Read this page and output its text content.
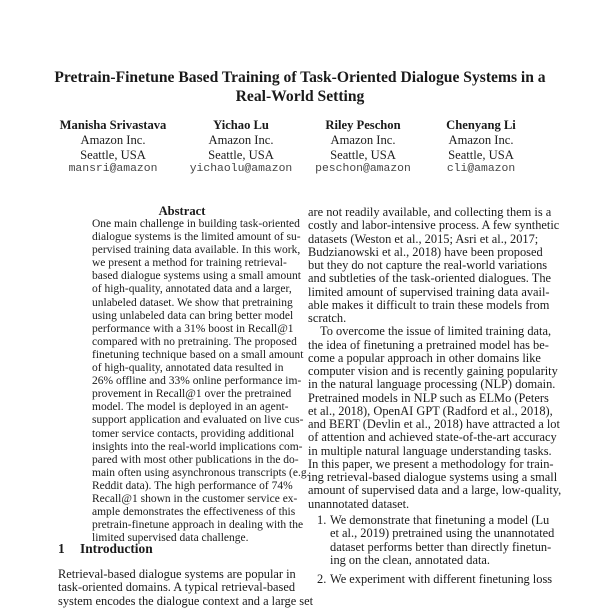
Pretrain-Finetune Based Training of Task-Oriented Dialogue Systems in a
Real-World Setting
Manisha Srivastava
Amazon Inc.
Seattle, USA
mansri@amazon
Yichao Lu
Amazon Inc.
Seattle, USA
yichaolu@amazon
Riley Peschon
Amazon Inc.
Seattle, USA
peschon@amazon
Chenyang Li
Amazon Inc.
Seattle, USA
cli@amazon
Abstract
One main challenge in building task-oriented
dialogue systems is the limited amount of su-
pervised training data available. In this work,
we present a method for training retrieval-
based dialogue systems using a small amount
of high-quality, annotated data and a larger,
unlabeled dataset. We show that pretraining
using unlabeled data can bring better model
performance with a 31% boost in Recall@1
compared with no pretraining. The proposed
finetuning technique based on a small amount
of high-quality, annotated data resulted in
26% offline and 33% online performance im-
provement in Recall@1 over the pretrained
model. The model is deployed in an agent-
support application and evaluated on live cus-
tomer service contacts, providing additional
insights into the real-world implications com-
pared with most other publications in the do-
main often using asynchronous transcripts (e.g.
Reddit data). The high performance of 74%
Recall@1 shown in the customer service ex-
ample demonstrates the effectiveness of this
pretrain-finetune approach in dealing with the
limited supervised data challenge.
1 Introduction
Retrieval-based dialogue systems are popular in
task-oriented domains. A typical retrieval-based
system encodes the dialogue context and a large set
are not readily available, and collecting them is a
costly and labor-intensive process. A few synthetic
datasets (Weston et al., 2015; Asri et al., 2017;
Budzianowski et al., 2018) have been proposed
but they do not capture the real-world variations
and subtleties of the task-oriented dialogues. The
limited amount of supervised training data avail-
able makes it difficult to train these models from
scratch.
To overcome the issue of limited training data,
the idea of finetuning a pretrained model has be-
come a popular approach in other domains like
computer vision and is recently gaining popularity
in the natural language processing (NLP) domain.
Pretrained models in NLP such as ELMo (Peters
et al., 2018), OpenAI GPT (Radford et al., 2018),
and BERT (Devlin et al., 2018) have attracted a lot
of attention and achieved state-of-the-art accuracy
in multiple natural language understanding tasks.
In this paper, we present a methodology for train-
ing retrieval-based dialogue systems using a small
amount of supervised data and a large, low-quality,
unannotated dataset.
1. We demonstrate that finetuning a model (Lu
et al., 2019) pretrained using the unannotated
dataset performs better than directly finetun-
ing on the clean, annotated data.
2. We experiment with different finetuning loss
